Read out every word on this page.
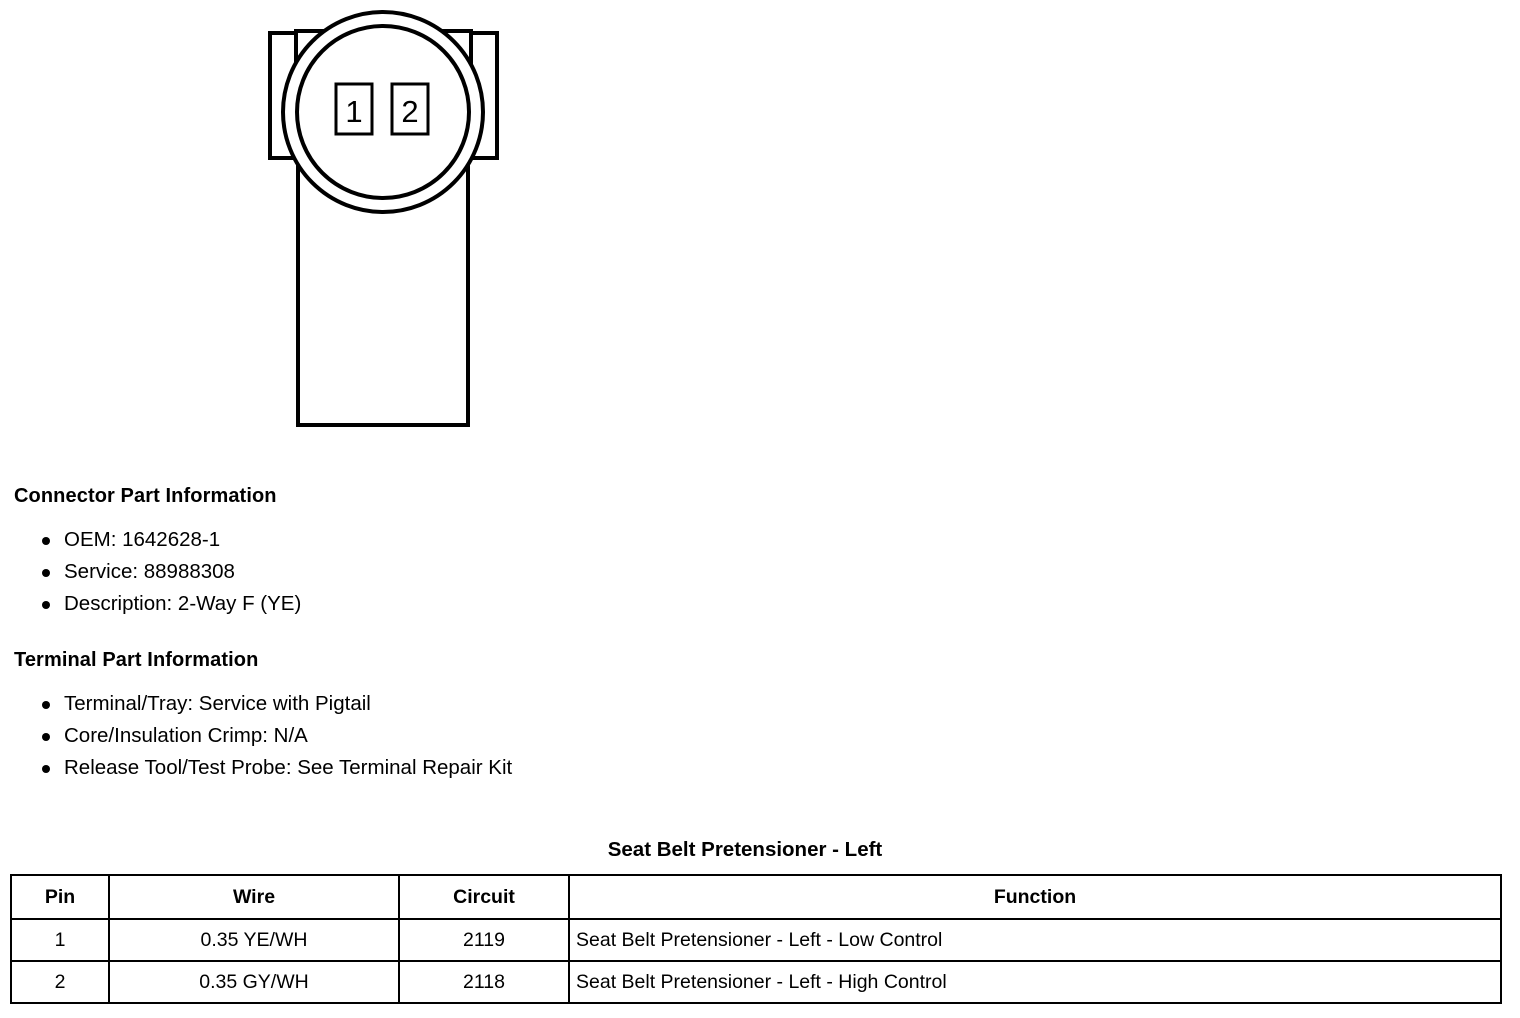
1 2
Connector Part Information
OEM: 1642628-1
Service: 88988308
Description: 2-Way F (YE)
Terminal Part Information
Terminal/Tray: Service with Pigtail
Core/Insulation Crimp: N/A
Release Tool/Test Probe: See Terminal Repair Kit
Seat Belt Pretensioner - Left
Pin	Wire	Circuit	Function
1	0.35 YE/WH	2119	Seat Belt Pretensioner - Left - Low Control
2	0.35 GY/WH	2118	Seat Belt Pretensioner - Left - High Control
